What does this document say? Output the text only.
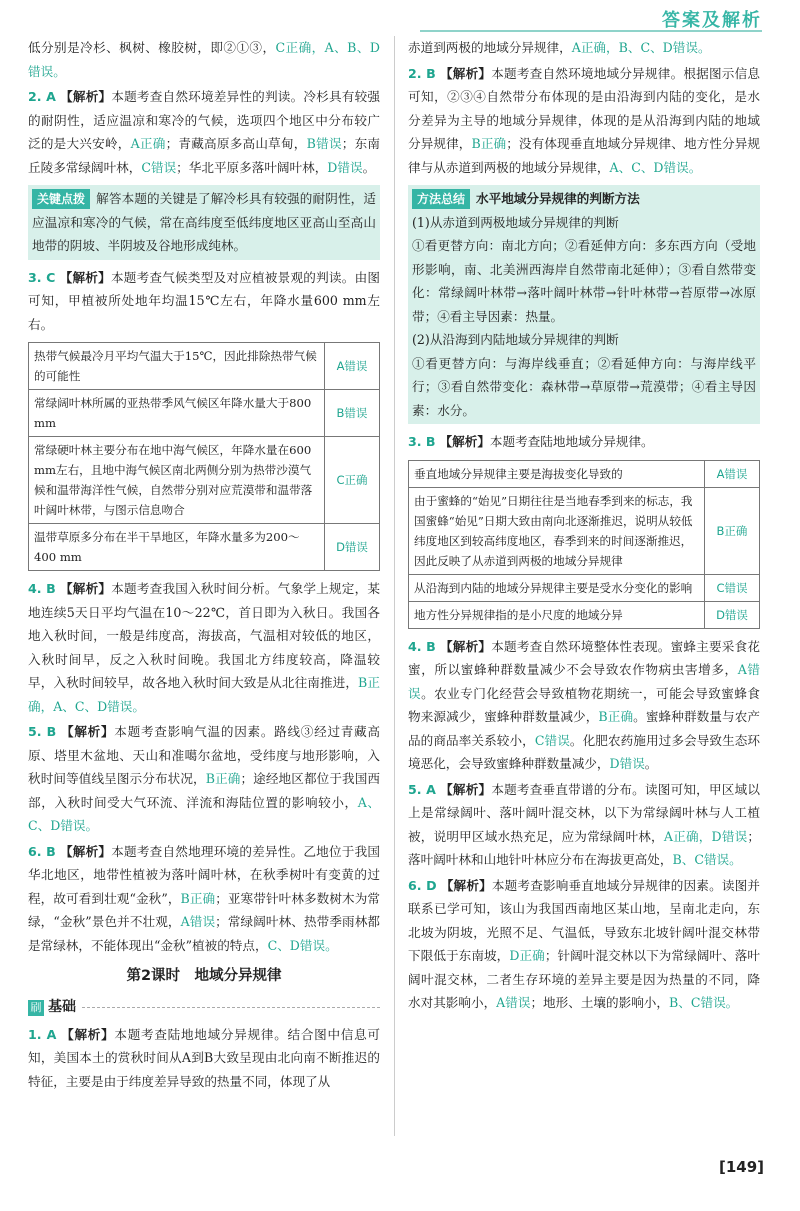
答案及解析

低分别是冷杉、枫树、橡胶树，即②①③，C正确，A、B、D错误。

2. A 【解析】本题考查自然环境差异性的判读。冷杉具有较强的耐阴性，适应温凉和寒冷的气候，选项四个地区中分布较广泛的是大兴安岭，A正确；青藏高原多高山草甸，B错误；东南丘陵多常绿阔叶林，C错误；华北平原多落叶阔叶林，D错误。

关键点拨 解答本题的关键是了解冷杉具有较强的耐阴性，适应温凉和寒冷的气候，常在高纬度至低纬度地区亚高山至高山地带的阴坡、半阴坡及谷地形成纯林。

3. C 【解析】本题考查气候类型及对应植被景观的判读。由图可知，甲植被所处地年均温15℃左右，年降水量600 mm左右。

热带气候最冷月平均气温大于15℃，因此排除热带气候的可能性	A错误
常绿阔叶林所属的亚热带季风气候区年降水量大于800 mm	B错误
常绿硬叶林主要分布在地中海气候区，年降水量在600 mm左右，且地中海气候区南北两侧分别为热带沙漠气候和温带海洋性气候，自然带分别对应荒漠带和温带落叶阔叶林带，与图示信息吻合	C正确
温带草原多分布在半干旱地区，年降水量多为200～400 mm	D错误

4. B 【解析】本题考查我国入秋时间分析。气象学上规定，某地连续5天日平均气温在10～22℃，首日即为入秋日。我国各地入秋时间，一般是纬度高，海拔高，气温相对较低的地区，入秋时间早，反之入秋时间晚。我国北方纬度较高，降温较早，入秋时间较早，故各地入秋时间大致是从北往南推进，B正确，A、C、D错误。

5. B 【解析】本题考查影响气温的因素。路线③经过青藏高原、塔里木盆地、天山和准噶尔盆地，受纬度与地形影响，入秋时间等值线呈图示分布状况，B正确；途经地区都位于我国西部，入秋时间受大气环流、洋流和海陆位置的影响较小，A、C、D错误。

6. B 【解析】本题考查自然地理环境的差异性。乙地位于我国华北地区，地带性植被为落叶阔叶林，在秋季树叶有变黄的过程，故可看到壮观“金秋”，B正确；亚寒带针叶林多数树木为常绿，“金秋”景色并不壮观，A错误；常绿阔叶林、热带季雨林都是常绿林，不能体现出“金秋”植被的特点，C、D错误。

第2课时　地域分异规律
刷 基础

1. A 【解析】本题考查陆地地域分异规律。结合图中信息可知，美国本土的赏秋时间从A到B大致呈现由北向南不断推迟的特征，主要是由于纬度差异导致的热量不同，体现了从

赤道到两极的地域分异规律，A正确，B、C、D错误。

2. B 【解析】本题考查自然环境地域分异规律。根据图示信息可知，②③④自然带分布体现的是由沿海到内陆的变化，是水分差异为主导的地域分异规律，体现的是从沿海到内陆的地域分异规律，B正确；没有体现垂直地域分异规律、地方性分异规律与从赤道到两极的地域分异规律，A、C、D错误。

方法总结 水平地域分异规律的判断方法

(1)从赤道到两极地域分异规律的判断

①看更替方向：南北方向；②看延伸方向：多东西方向（受地形影响，南、北美洲西海岸自然带南北延伸）；③看自然带变化：常绿阔叶林带→落叶阔叶林带→针叶林带→苔原带→冰原带；④看主导因素：热量。

(2)从沿海到内陆地域分异规律的判断

①看更替方向：与海岸线垂直；②看延伸方向：与海岸线平行；③看自然带变化：森林带→草原带→荒漠带；④看主导因素：水分。

3. B 【解析】本题考查陆地地域分异规律。

垂直地域分异规律主要是海拔变化导致的	A错误
由于蜜蜂的“始见”日期往往是当地春季到来的标志，我国蜜蜂“始见”日期大致由南向北逐渐推迟，说明从较低纬度地区到较高纬度地区，春季到来的时间逐渐推迟，因此反映了从赤道到两极的地域分异规律	B正确
从沿海到内陆的地域分异规律主要是受水分变化的影响	C错误
地方性分异规律指的是小尺度的地域分异	D错误

4. B 【解析】本题考查自然环境整体性表现。蜜蜂主要采食花蜜，所以蜜蜂种群数量减少不会导致农作物病虫害增多，A错误。农业专门化经营会导致植物花期统一，可能会导致蜜蜂食物来源减少，蜜蜂种群数量减少，B正确。蜜蜂种群数量与农产品的商品率关系较小，C错误。化肥农药施用过多会导致生态环境恶化，会导致蜜蜂种群数量减少，D错误。

5. A 【解析】本题考查垂直带谱的分布。读图可知，甲区域以上是常绿阔叶、落叶阔叶混交林，以下为常绿阔叶林与人工植被，说明甲区域水热充足，应为常绿阔叶林，A正确，D错误；落叶阔叶林和山地针叶林应分布在海拔更高处，B、C错误。

6. D 【解析】本题考查影响垂直地域分异规律的因素。读图并联系已学可知，该山为我国西南地区某山地，呈南北走向，东北坡为阴坡，光照不足、气温低，导致东北坡针阔叶混交林带下限低于东南坡，D正确；针阔叶混交林以下为常绿阔叶、落叶阔叶混交林，二者生存环境的差异主要是因为热量的不同，降水对其影响小，A错误；地形、土壤的影响小，B、C错误。

[149]
